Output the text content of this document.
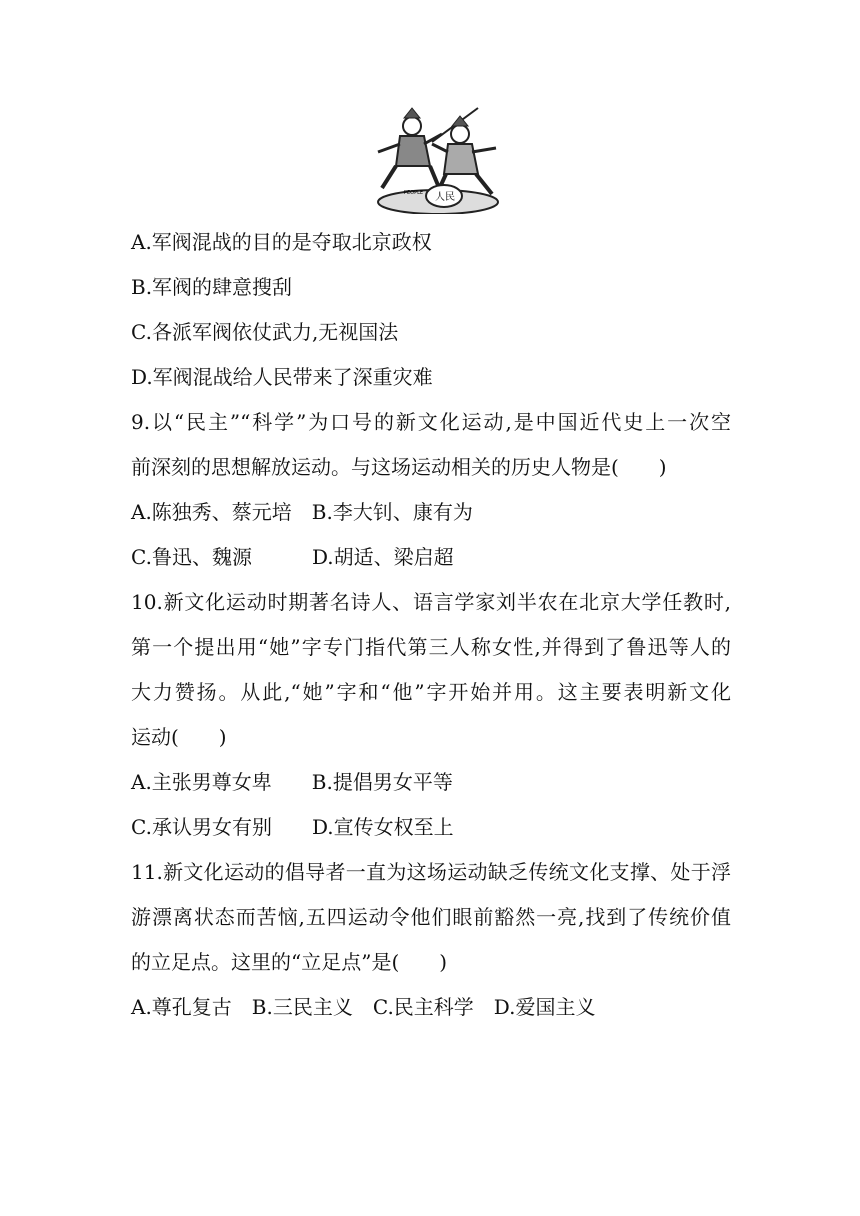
人民
PEOPLE
A.军阀混战的目的是夺取北京政权
B.军阀的肆意搜刮
C.各派军阀依仗武力,无视国法
D.军阀混战给人民带来了深重灾难
9.以“民主”“科学”为口号的新文化运动,是中国近代史上一次空
前深刻的思想解放运动。与这场运动相关的历史人物是(　　)
A.陈独秀、蔡元培　B.李大钊、康有为
C.鲁迅、魏源　　　D.胡适、梁启超
10.新文化运动时期著名诗人、语言学家刘半农在北京大学任教时,
第一个提出用“她”字专门指代第三人称女性,并得到了鲁迅等人的
大力赞扬。从此,“她”字和“他”字开始并用。这主要表明新文化
运动(　　)
A.主张男尊女卑　　B.提倡男女平等
C.承认男女有别　　D.宣传女权至上
11.新文化运动的倡导者一直为这场运动缺乏传统文化支撑、处于浮
游漂离状态而苦恼,五四运动令他们眼前豁然一亮,找到了传统价值
的立足点。这里的“立足点”是(　　)
A.尊孔复古　B.三民主义　C.民主科学　D.爱国主义
